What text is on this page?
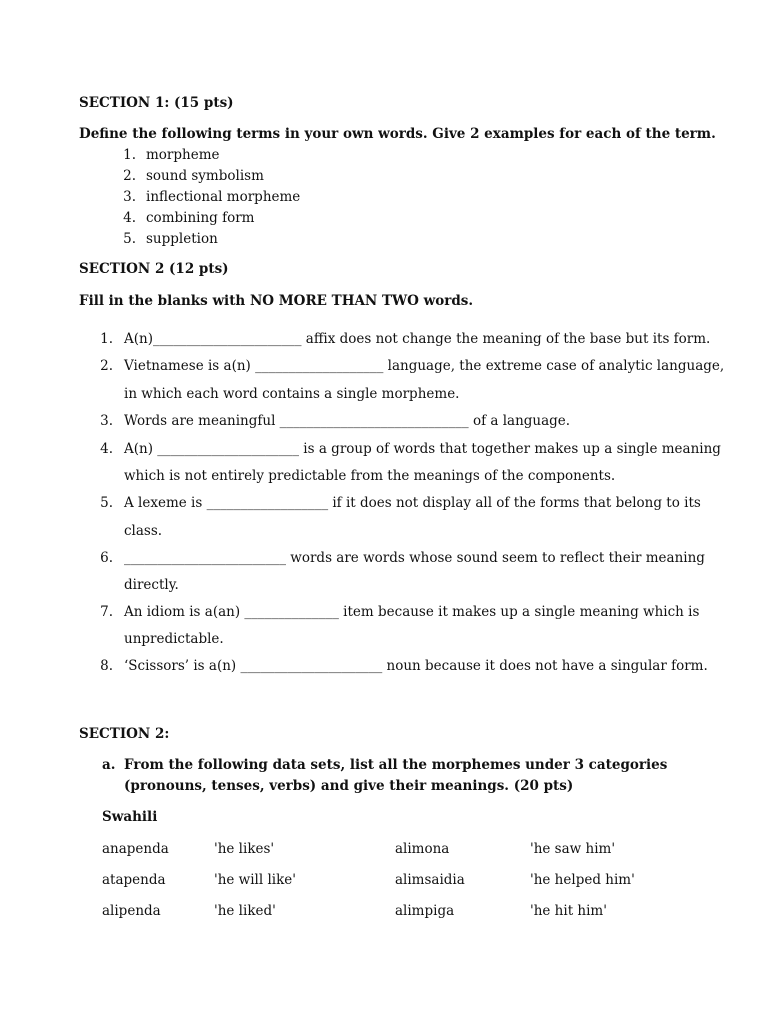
SECTION 1: (15 pts)
Define the following terms in your own words. Give 2 examples for each of the term.
1. morpheme
2. sound symbolism
3. inflectional morpheme
4. combining form
5. suppletion
SECTION 2 (12 pts)
Fill in the blanks with NO MORE THAN TWO words.
1. A(n)______________________ affix does not change the meaning of the base but its form.
2. Vietnamese is a(n) ___________________ language, the extreme case of analytic language,
in which each word contains a single morpheme.
3. Words are meaningful ____________________________ of a language.
4. A(n) _____________________ is a group of words that together makes up a single meaning
which is not entirely predictable from the meanings of the components.
5. A lexeme is __________________ if it does not display all of the forms that belong to its
class.
6. ________________________ words are words whose sound seem to reflect their meaning
directly.
7. An idiom is a(an) ______________ item because it makes up a single meaning which is
unpredictable.
8. ‘Scissors’ is a(n) _____________________ noun because it does not have a singular form.
SECTION 2:
a. From the following data sets, list all the morphemes under 3 categories
(pronouns, tenses, verbs) and give their meanings. (20 pts)
Swahili
anapenda	'he likes'	alimona	'he saw him'
atapenda	'he will like'	alimsaidia	'he helped him'
alipenda	'he liked'	alimpiga	'he hit him'
